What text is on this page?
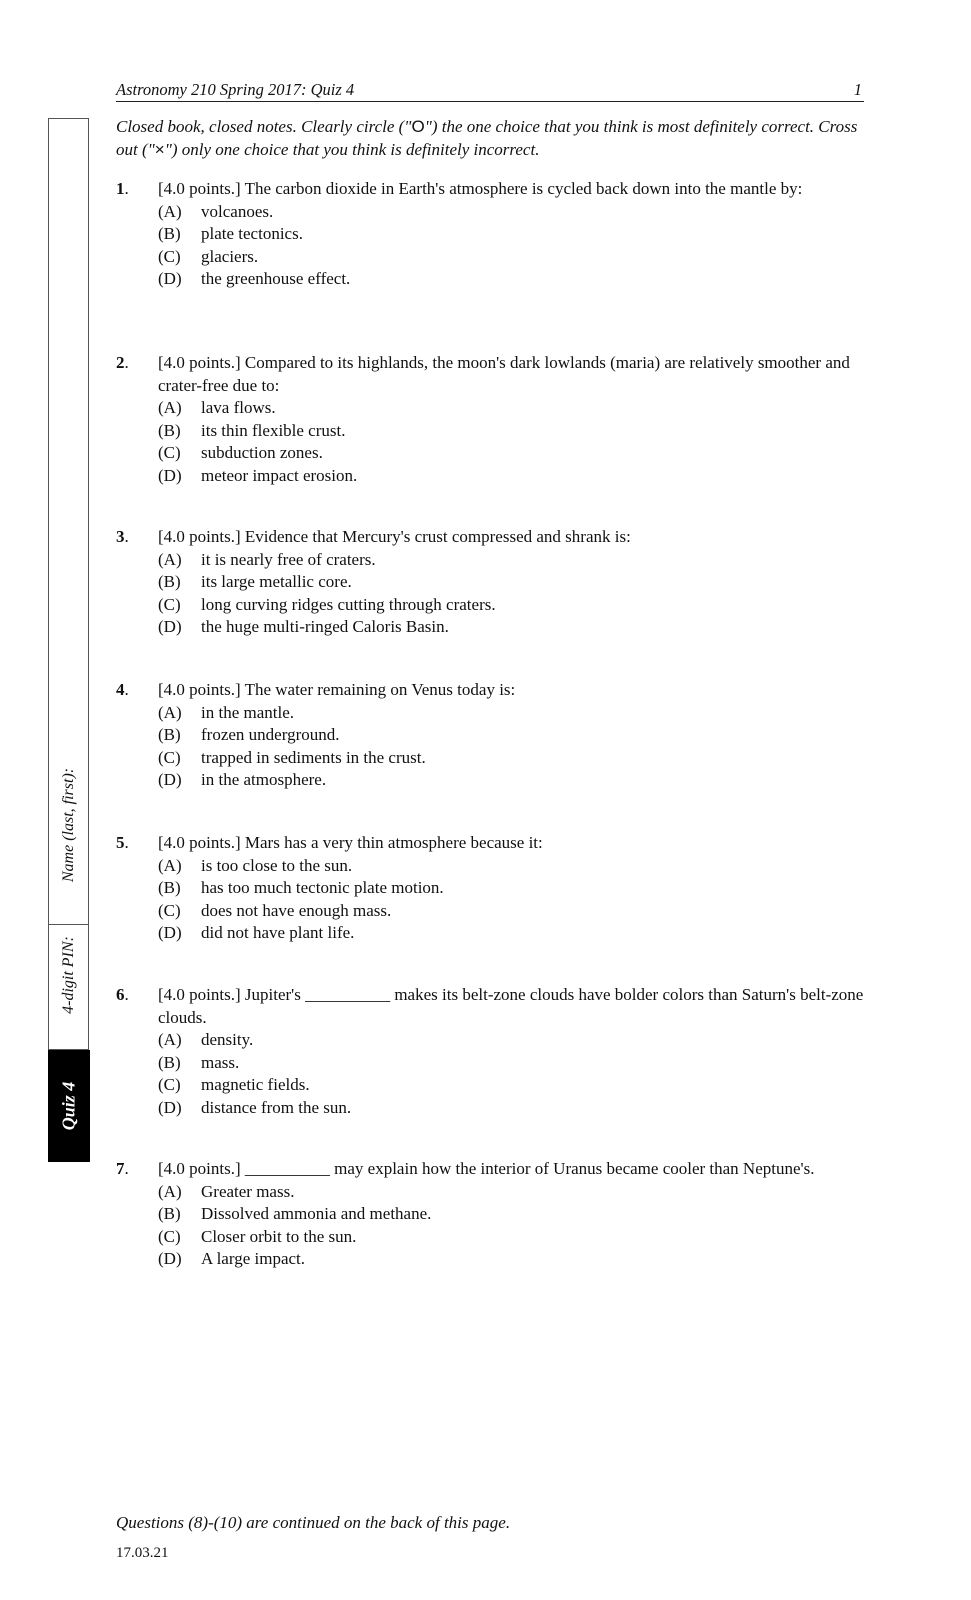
Astronomy 210 Spring 2017: Quiz 4	1
Closed book, closed notes. Clearly circle ("O") the one choice that you think is most definitely correct. Cross out ("×") only one choice that you think is definitely incorrect.
Name (last, first):
4-digit PIN:
Quiz 4
1. [4.0 points.] The carbon dioxide in Earth's atmosphere is cycled back down into the mantle by:
(A) volcanoes.
(B) plate tectonics.
(C) glaciers.
(D) the greenhouse effect.
2. [4.0 points.] Compared to its highlands, the moon's dark lowlands (maria) are relatively smoother and crater-free due to:
(A) lava flows.
(B) its thin flexible crust.
(C) subduction zones.
(D) meteor impact erosion.
3. [4.0 points.] Evidence that Mercury's crust compressed and shrank is:
(A) it is nearly free of craters.
(B) its large metallic core.
(C) long curving ridges cutting through craters.
(D) the huge multi-ringed Caloris Basin.
4. [4.0 points.] The water remaining on Venus today is:
(A) in the mantle.
(B) frozen underground.
(C) trapped in sediments in the crust.
(D) in the atmosphere.
5. [4.0 points.] Mars has a very thin atmosphere because it:
(A) is too close to the sun.
(B) has too much tectonic plate motion.
(C) does not have enough mass.
(D) did not have plant life.
6. [4.0 points.] Jupiter's __________ makes its belt-zone clouds have bolder colors than Saturn's belt-zone clouds.
(A) density.
(B) mass.
(C) magnetic fields.
(D) distance from the sun.
7. [4.0 points.] __________ may explain how the interior of Uranus became cooler than Neptune's.
(A) Greater mass.
(B) Dissolved ammonia and methane.
(C) Closer orbit to the sun.
(D) A large impact.
Questions (8)-(10) are continued on the back of this page.
17.03.21
